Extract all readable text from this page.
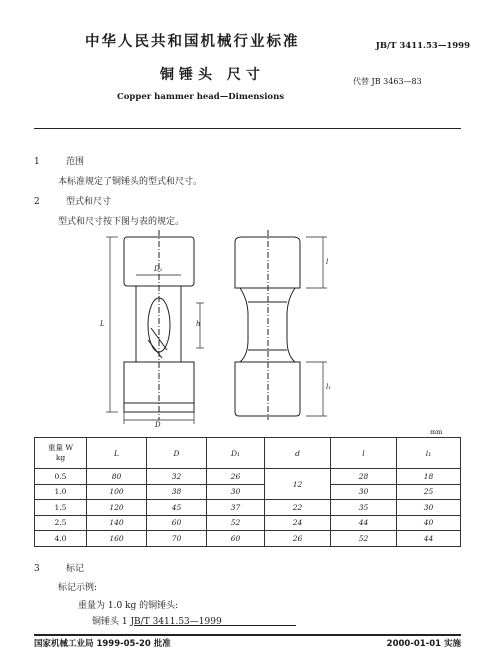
中华人民共和国机械行业标准	JB/T 3411.53—1999
铜锤头 尺寸	代替 JB 3463—83
Copper hammer head—Dimensions
1	范围
本标准规定了铜锤头的型式和尺寸。
2	型式和尺寸
型式和尺寸按下图与表的规定。
L
D₁
h
D
l
l₁
mm
重量 W
kg	L	D	D₁	d	l	l₁
0.5	80	32	26	12	28	18
1.0	100	38	30		30	25
1.5	120	45	37	22	35	30
2.5	140	60	52	24	44	40
4.0	160	70	60	26	52	44
3	标记
标记示例:
重量为 1.0 kg 的铜锤头:
铜锤头 1 JB/T 3411.53—1999
国家机械工业局 1999-05-20 批准	2000-01-01 实施
